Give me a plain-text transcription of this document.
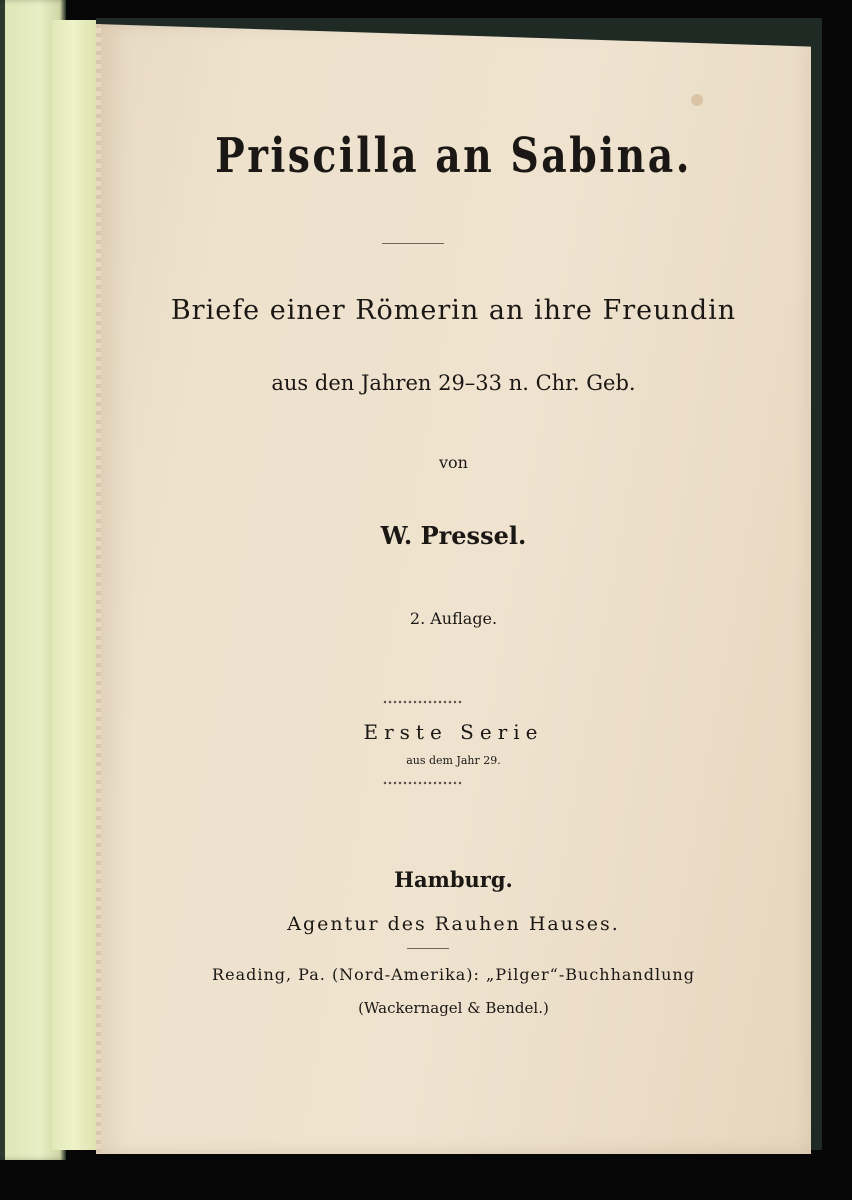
Priscilla an Sabina.
Briefe einer Römerin an ihre Freundin
aus den Jahren 29–33 n. Chr. Geb.
von
W. Pressel.
2. Auflage.
Erste Serie
aus dem Jahr 29.
Hamburg.
Agentur des Rauhen Hauses.
Reading, Pa. (Nord-Amerika): „Pilger“-Buchhandlung
(Wackernagel & Bendel.)
